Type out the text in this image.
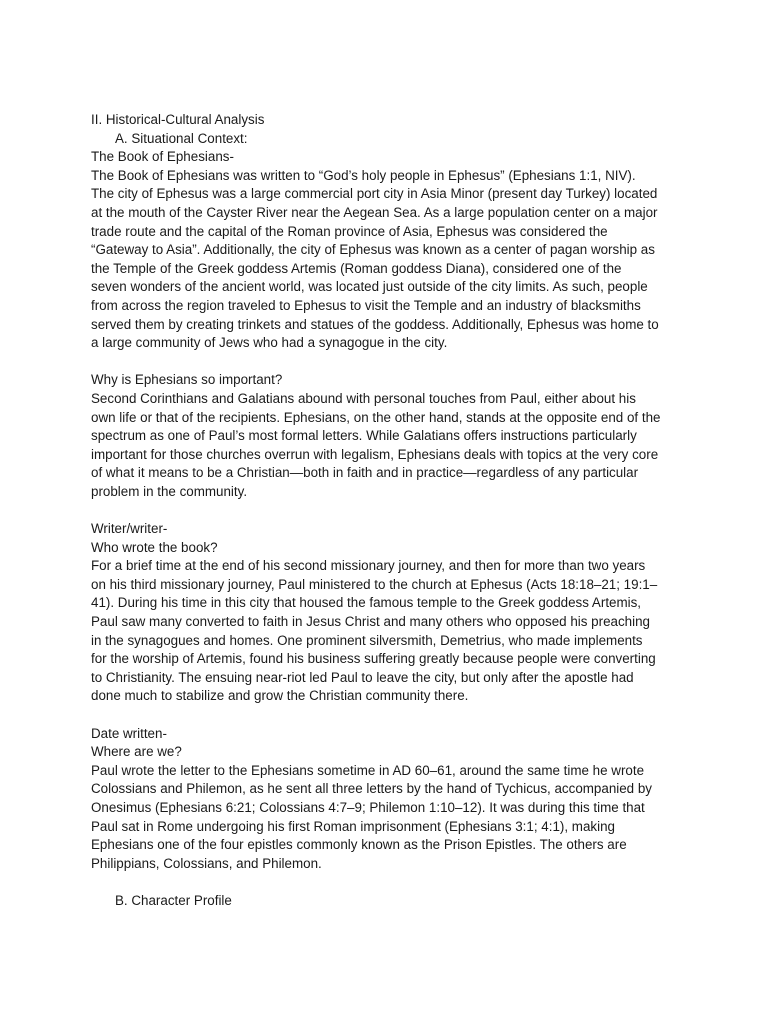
II. Historical-Cultural Analysis
A. Situational Context:
The Book of Ephesians-
The Book of Ephesians was written to “God’s holy people in Ephesus” (Ephesians 1:1, NIV).
The city of Ephesus was a large commercial port city in Asia Minor (present day Turkey) located
at the mouth of the Cayster River near the Aegean Sea. As a large population center on a major
trade route and the capital of the Roman province of Asia, Ephesus was considered the
“Gateway to Asia”. Additionally, the city of Ephesus was known as a center of pagan worship as
the Temple of the Greek goddess Artemis (Roman goddess Diana), considered one of the
seven wonders of the ancient world, was located just outside of the city limits. As such, people
from across the region traveled to Ephesus to visit the Temple and an industry of blacksmiths
served them by creating trinkets and statues of the goddess. Additionally, Ephesus was home to
a large community of Jews who had a synagogue in the city.
Why is Ephesians so important?
Second Corinthians and Galatians abound with personal touches from Paul, either about his
own life or that of the recipients. Ephesians, on the other hand, stands at the opposite end of the
spectrum as one of Paul’s most formal letters. While Galatians offers instructions particularly
important for those churches overrun with legalism, Ephesians deals with topics at the very core
of what it means to be a Christian—both in faith and in practice—regardless of any particular
problem in the community.
Writer/writer-
Who wrote the book?
For a brief time at the end of his second missionary journey, and then for more than two years
on his third missionary journey, Paul ministered to the church at Ephesus (Acts 18:18–21; 19:1–
41). During his time in this city that housed the famous temple to the Greek goddess Artemis,
Paul saw many converted to faith in Jesus Christ and many others who opposed his preaching
in the synagogues and homes. One prominent silversmith, Demetrius, who made implements
for the worship of Artemis, found his business suffering greatly because people were converting
to Christianity. The ensuing near-riot led Paul to leave the city, but only after the apostle had
done much to stabilize and grow the Christian community there.
Date written-
Where are we?
Paul wrote the letter to the Ephesians sometime in AD 60–61, around the same time he wrote
Colossians and Philemon, as he sent all three letters by the hand of Tychicus, accompanied by
Onesimus (Ephesians 6:21; Colossians 4:7–9; Philemon 1:10–12). It was during this time that
Paul sat in Rome undergoing his first Roman imprisonment (Ephesians 3:1; 4:1), making
Ephesians one of the four epistles commonly known as the Prison Epistles. The others are
Philippians, Colossians, and Philemon.
B. Character Profile
